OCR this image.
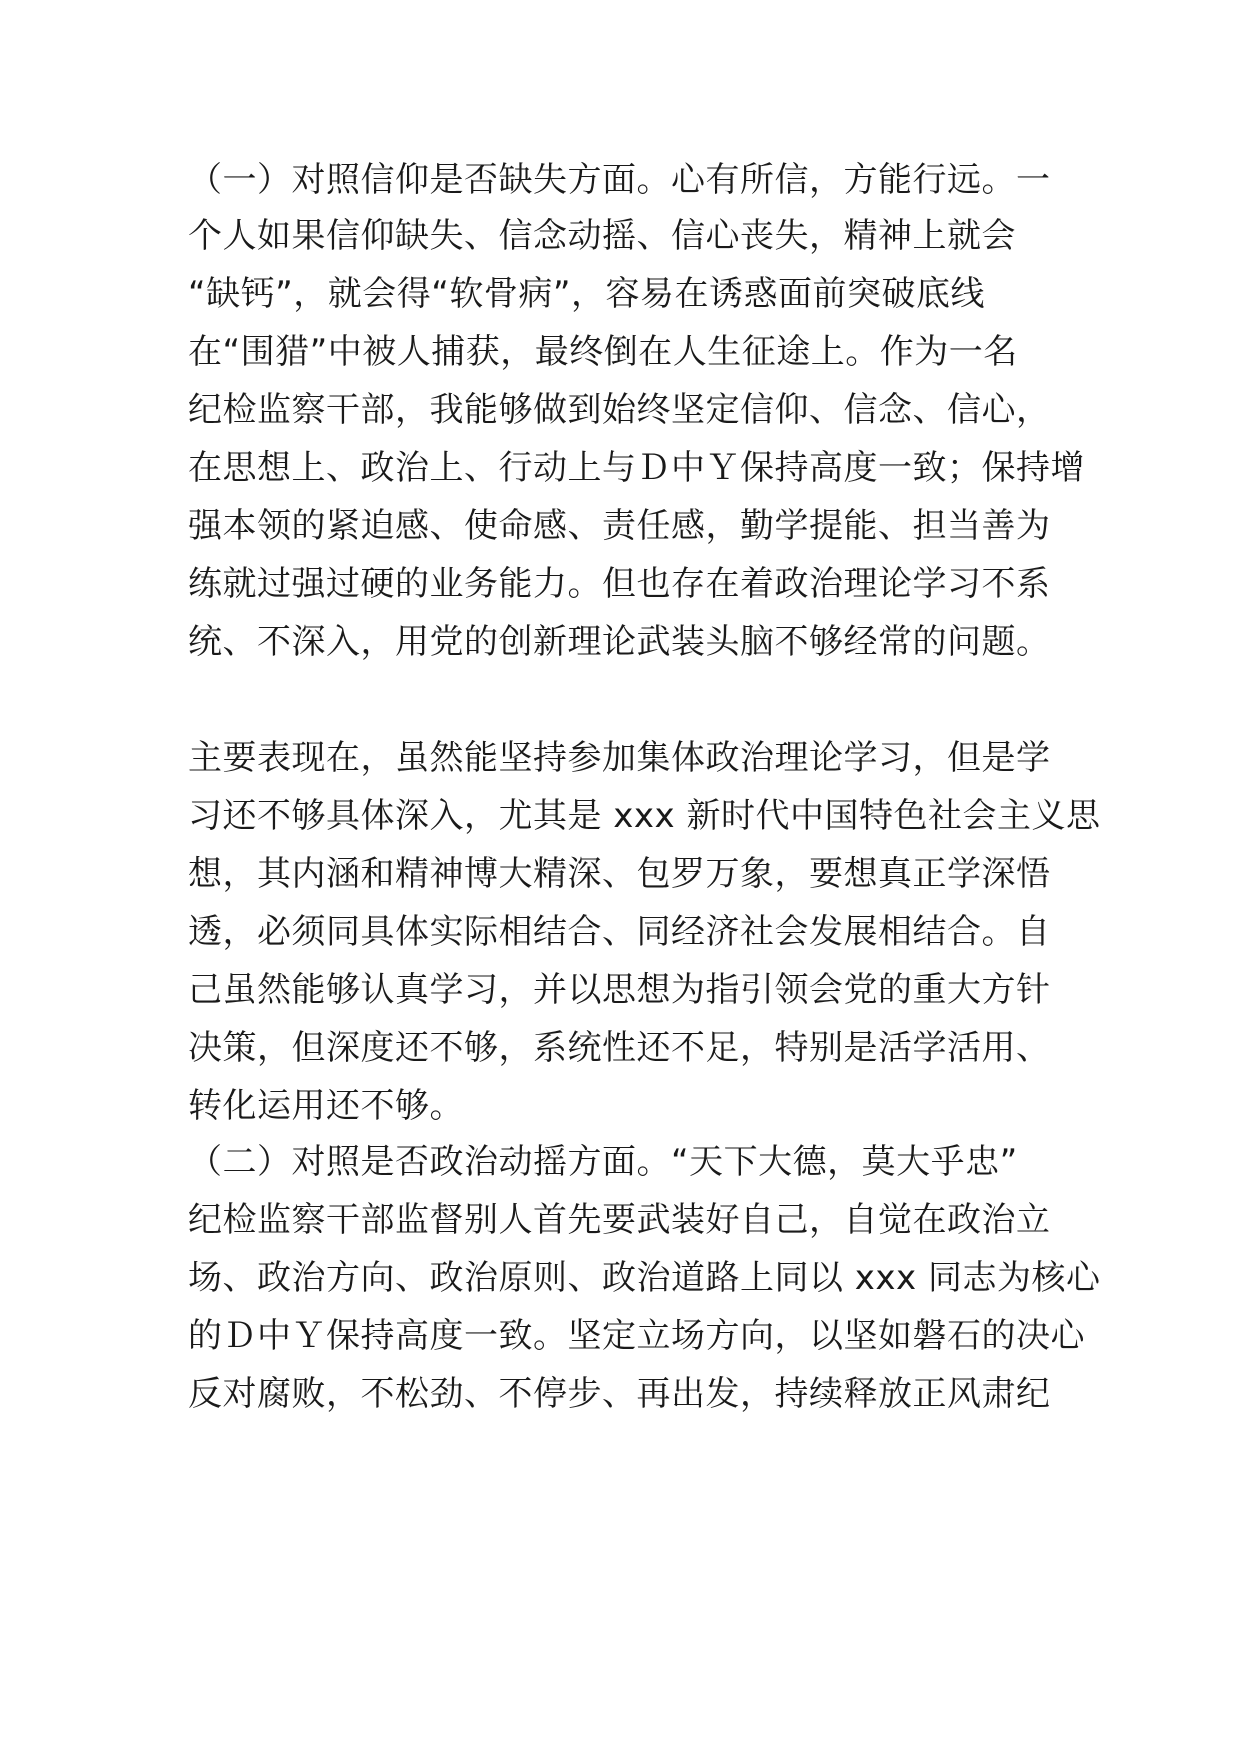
（一）对照信仰是否缺失方面。心有所信，方能行远。一
个人如果信仰缺失、信念动摇、信心丧失，精神上就会
“缺钙”，就会得“软骨病”，容易在诱惑面前突破底线
在“围猎”中被人捕获，最终倒在人生征途上。作为一名
纪检监察干部，我能够做到始终坚定信仰、信念、信心，
在思想上、政治上、行动上与Ｄ中Ｙ保持高度一致；保持增
强本领的紧迫感、使命感、责任感，勤学提能、担当善为
练就过强过硬的业务能力。但也存在着政治理论学习不系
统、不深入，用党的创新理论武装头脑不够经常的问题。
主要表现在，虽然能坚持参加集体政治理论学习，但是学
习还不够具体深入，尤其是 xxx 新时代中国特色社会主义思
想，其内涵和精神博大精深、包罗万象，要想真正学深悟
透，必须同具体实际相结合、同经济社会发展相结合。自
己虽然能够认真学习，并以思想为指引领会党的重大方针
决策，但深度还不够，系统性还不足，特别是活学活用、
转化运用还不够。
（二）对照是否政治动摇方面。“天下大德，莫大乎忠”
纪检监察干部监督别人首先要武装好自己，自觉在政治立
场、政治方向、政治原则、政治道路上同以 xxx 同志为核心
的Ｄ中Ｙ保持高度一致。坚定立场方向，以坚如磐石的决心
反对腐败，不松劲、不停步、再出发，持续释放正风肃纪
